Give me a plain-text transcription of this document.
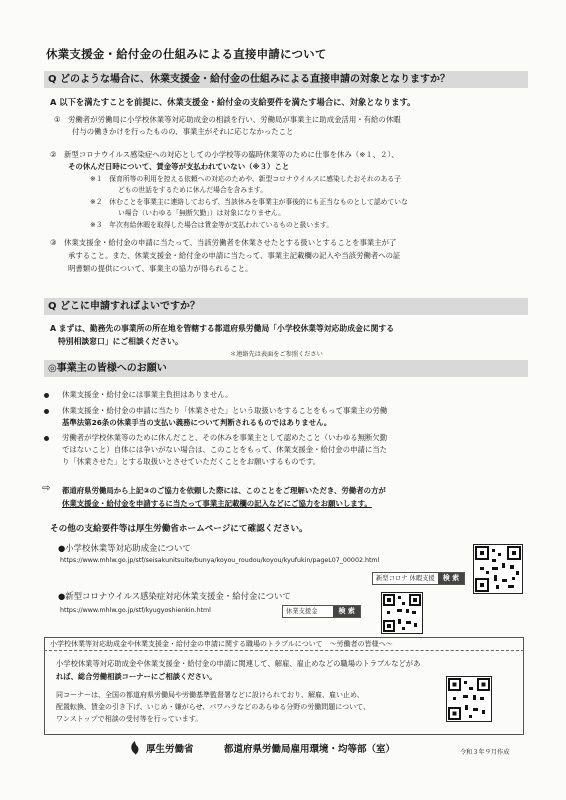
休業支援金・給付金の仕組みによる直接申請について
Q どのような場合に、休業支援金・給付金の仕組みによる直接申請の対象となりますか？
A 以下を満たすことを前提に、休業支援金・給付金の支給要件を満たす場合に、対象となります。
①　労働者が労働局に小学校休業等対応助成金の相談を行い、労働局が事業主に助成金活用・有給の休暇
付与の働きかけを行ったものの、事業主がそれに応じなかったこと
②　新型コロナウイルス感染症への対応としての小学校等の臨時休業等のために仕事を休み（※１、２）、
その休んだ日時について、賃金等が支払われていない（※３）こと
※１　保育所等の利用を控える依頼への対応のためや、新型コロナウイルスに感染したおそれのある子
どもの世話をするために休んだ場合を含みます。
※２　休むことを事業主に連絡しておらず、当該休みを事業主が事後的にも正当なものとして認めていな
い場合（いわゆる「無断欠勤」）は対象になりません。
※３　年次有給休暇を取得した場合は賃金等が支払われているものと扱います。
③　休業支援金・給付金の申請に当たって、当該労働者を休業させたとする扱いとすることを事業主が了
承すること。また、休業支援金・給付金の申請に当たって、事業主記載欄の記入や当該労働者への証
明書類の提供について、事業主の協力が得られること。
Q どこに申請すればよいですか？
A まずは、勤務先の事業所の所在地を管轄する都道府県労働局「小学校休業等対応助成金に関する
特別相談窓口」にご相談ください。
＊連絡先は表面をご参照ください
◎事業主の皆様へのお願い
休業支援金・給付金には事業主負担はありません。
休業支援金・給付金の申請に当たり「休業させた」という取扱いをすることをもって事業主の労働
基準法第26条の休業手当の支払い義務について判断されるものではありません。
労働者が学校休業等のために休んだこと、その休みを事業主として認めたこと（いわゆる無断欠勤
ではないこと）自体には争いがない場合は、このことをもって、休業支援金・給付金の申請に当た
り「休業させた」とする取扱いとさせていただくことをお願いするものです。
⇨ 都道府県労働局から上記③のご協力を依頼した際には、このことをご理解いただき、労働者の方が
休業支援金・給付金を申請するに当たって事業主記載欄の記入などにご協力をお願いします。
その他の支給要件等は厚生労働省ホームページにて確認ください。
●小学校休業等対応助成金について
https://www.mhlw.go.jp/stf/seisakunitsuite/bunya/koyou_roudou/koyou/kyufukin/pageL07_00002.html
新型コロナ 休暇支援	検 索
●新型コロナウイルス感染症対応休業支援金・給付金について
https://www.mhlw.go.jp/stf/kyugyoshienkin.html	休業支援金	検 索
小学校休業等対応助成金や休業支援金・給付金の申請に関する職場のトラブルについて　～労働者の皆様へ～
小学校休業等対応助成金や休業支援金・給付金の申請に関連して、解雇、雇止めなどの職場のトラブルなどがあ
れば、総合労働相談コーナーにご相談ください。
同コーナーは、全国の都道府県労働局や労働基準監督署などに設けられており、解雇、雇い止め、
配置転換、賃金の引き下げ、いじめ・嫌がらせ、パワハラなどのあらゆる分野の労働問題について、
ワンストップで相談の受付等を行っています。
厚生労働省	都道府県労働局雇用環境・均等部（室）	令和３年９月作成
